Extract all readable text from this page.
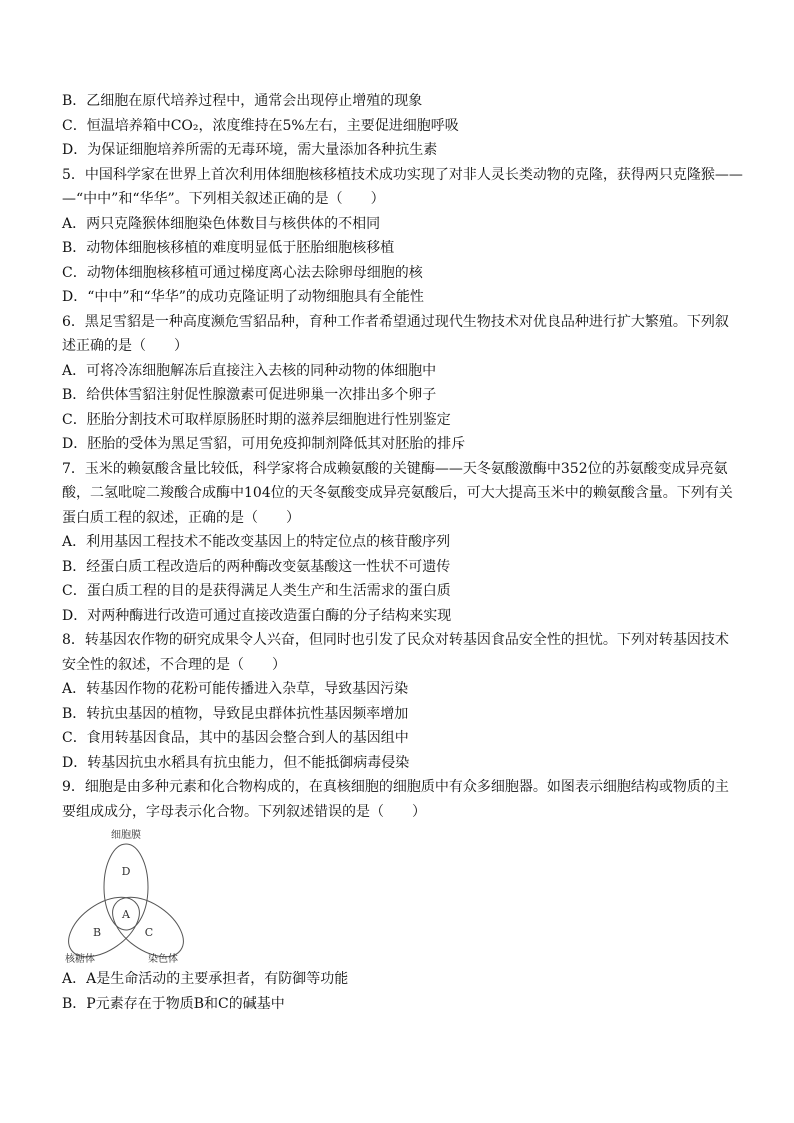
B．乙细胞在原代培养过程中，通常会出现停止增殖的现象

C．恒温培养箱中CO₂，浓度维持在5%左右，主要促进细胞呼吸

D．为保证细胞培养所需的无毒环境，需大量添加各种抗生素

5．中国科学家在世界上首次利用体细胞核移植技术成功实现了对非人灵长类动物的克隆，获得两只克隆猴——

—“中中”和“华华”。下列相关叙述正确的是（　　）

A．两只克隆猴体细胞染色体数目与核供体的不相同

B．动物体细胞核移植的难度明显低于胚胎细胞核移植

C．动物体细胞核移植可通过梯度离心法去除卵母细胞的核

D．“中中”和“华华”的成功克隆证明了动物细胞具有全能性

6．黑足雪貂是一种高度濒危雪貂品种，育种工作者希望通过现代生物技术对优良品种进行扩大繁殖。下列叙

述正确的是（　　）

A．可将冷冻细胞解冻后直接注入去核的同种动物的体细胞中

B．给供体雪貂注射促性腺激素可促进卵巢一次排出多个卵子

C．胚胎分割技术可取样原肠胚时期的滋养层细胞进行性别鉴定

D．胚胎的受体为黑足雪貂，可用免疫抑制剂降低其对胚胎的排斥

7．玉米的赖氨酸含量比较低，科学家将合成赖氨酸的关键酶——天冬氨酸激酶中352位的苏氨酸变成异亮氨

酸，二氢吡啶二羧酸合成酶中104位的天冬氨酸变成异亮氨酸后，可大大提高玉米中的赖氨酸含量。下列有关

蛋白质工程的叙述，正确的是（　　）

A．利用基因工程技术不能改变基因上的特定位点的核苷酸序列

B．经蛋白质工程改造后的两种酶改变氨基酸这一性状不可遗传

C．蛋白质工程的目的是获得满足人类生产和生活需求的蛋白质

D．对两种酶进行改造可通过直接改造蛋白酶的分子结构来实现

8．转基因农作物的研究成果令人兴奋，但同时也引发了民众对转基因食品安全性的担忧。下列对转基因技术

安全性的叙述，不合理的是（　　）

A．转基因作物的花粉可能传播进入杂草，导致基因污染

B．转抗虫基因的植物，导致昆虫群体抗性基因频率增加

C．食用转基因食品，其中的基因会整合到人的基因组中

D．转基因抗虫水稻具有抗虫能力，但不能抵御病毒侵染

9．细胞是由多种元素和化合物构成的，在真核细胞的细胞质中有众多细胞器。如图表示细胞结构或物质的主

要组成成分，字母表示化合物。下列叙述错误的是（　　）

细胞膜
核糖体	染色体
D
A
B	C

A．A是生命活动的主要承担者，有防御等功能

B．P元素存在于物质B和C的碱基中
